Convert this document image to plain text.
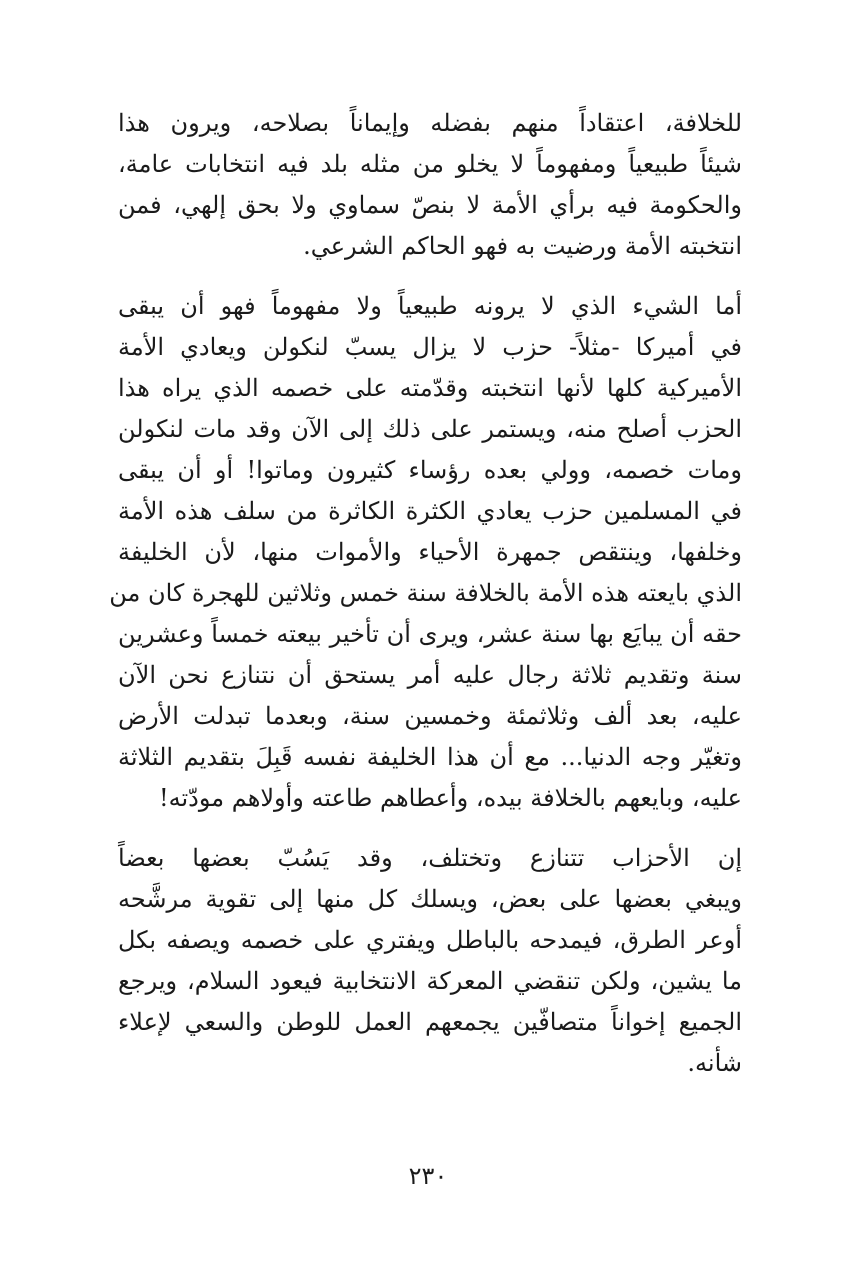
للخلافة، اعتقاداً منهم بفضله وإيماناً بصلاحه، ويرون هذا
شيئاً طبيعياً ومفهوماً لا يخلو من مثله بلد فيه انتخابات عامة،
والحكومة فيه برأي الأمة لا بنصّ سماوي ولا بحق إلهي، فمن
انتخبته الأمة ورضيت به فهو الحاكم الشرعي.

أما الشيء الذي لا يرونه طبيعياً ولا مفهوماً فهو أن يبقى
في أميركا -مثلاً- حزب لا يزال يسبّ لنكولن ويعادي الأمة
الأميركية كلها لأنها انتخبته وقدّمته على خصمه الذي يراه هذا
الحزب أصلح منه، ويستمر على ذلك إلى الآن وقد مات لنكولن
ومات خصمه، وولي بعده رؤساء كثيرون وماتوا! أو أن يبقى
في المسلمين حزب يعادي الكثرة الكاثرة من سلف هذه الأمة
وخلفها، وينتقص جمهرة الأحياء والأموات منها، لأن الخليفة
الذي بايعته هذه الأمة بالخلافة سنة خمس وثلاثين للهجرة كان من
حقه أن يبايَع بها سنة عشر، ويرى أن تأخير بيعته خمساً وعشرين
سنة وتقديم ثلاثة رجال عليه أمر يستحق أن نتنازع نحن الآن
عليه، بعد ألف وثلاثمئة وخمسين سنة، وبعدما تبدلت الأرض
وتغيّر وجه الدنيا... مع أن هذا الخليفة نفسه قَبِلَ بتقديم الثلاثة
عليه، وبايعهم بالخلافة بيده، وأعطاهم طاعته وأولاهم مودّته!

إن الأحزاب تتنازع وتختلف، وقد يَسُبّ بعضها بعضاً
ويبغي بعضها على بعض، ويسلك كل منها إلى تقوية مرشَّحه
أوعر الطرق، فيمدحه بالباطل ويفتري على خصمه ويصفه بكل
ما يشين، ولكن تنقضي المعركة الانتخابية فيعود السلام، ويرجع
الجميع إخواناً متصافّين يجمعهم العمل للوطن والسعي لإعلاء
شأنه.

٢٣٠
